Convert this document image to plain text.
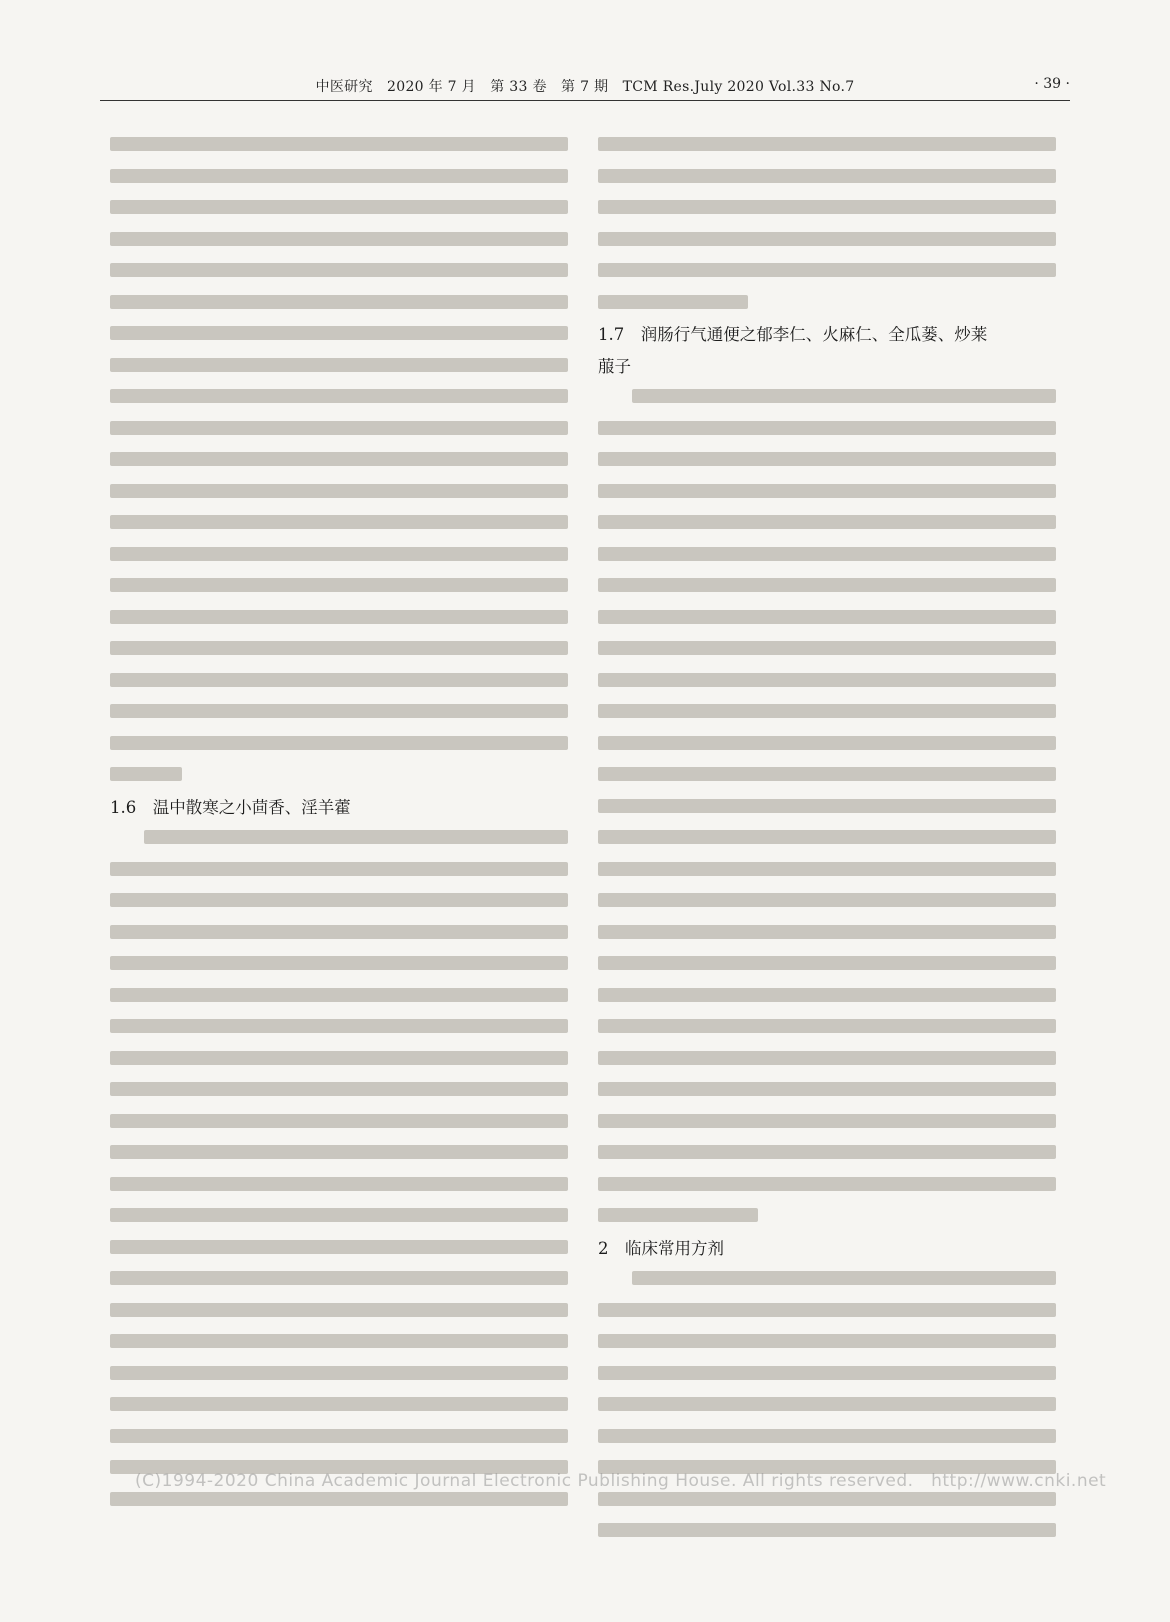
中医研究　2020 年 7 月　第 33 卷　第 7 期　TCM Res.July 2020 Vol.33 No.7	· 39 ·
1.6　温中散寒之小茴香、淫羊藿
1.7　润肠行气通便之郁李仁、火麻仁、全瓜蒌、炒莱
菔子
2　临床常用方剂
(C)1994-2020 China Academic Journal Electronic Publishing House. All rights reserved.　http://www.cnki.net
